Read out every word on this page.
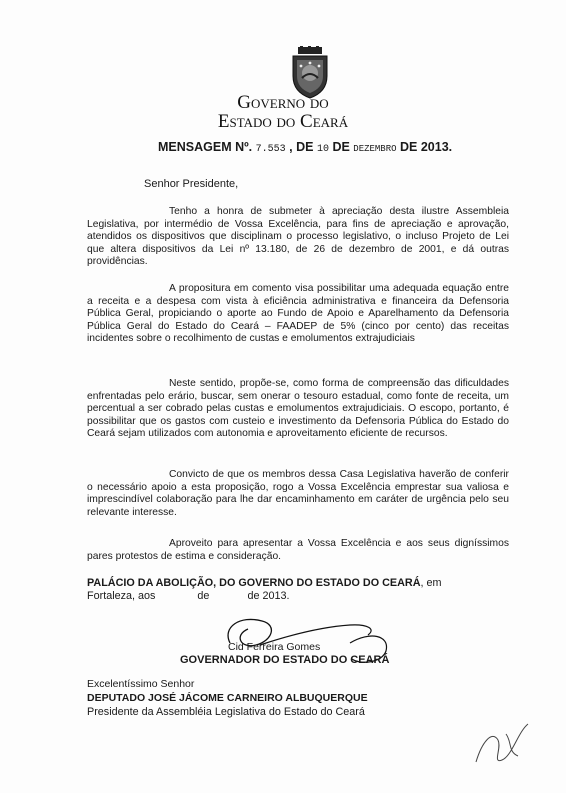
Governo do
Estado do Ceará
MENSAGEM Nº. 7.553 , DE 10 DE DEZEMBRO DE 2013.
Senhor Presidente,
Tenho a honra de submeter à apreciação desta ilustre Assembleia Legislativa, por intermédio de Vossa Excelência, para fins de apreciação e aprovação, atendidos os dispositivos que disciplinam o processo legislativo, o incluso Projeto de Lei que altera dispositivos da Lei nº 13.180, de 26 de dezembro de 2001, e dá outras providências.
A propositura em comento visa possibilitar uma adequada equação entre a receita e a despesa com vista à eficiência administrativa e financeira da Defensoria Pública Geral, propiciando o aporte ao Fundo de Apoio e Aparelhamento da Defensoria Pública Geral do Estado do Ceará – FAADEP de 5% (cinco por cento) das receitas incidentes sobre o recolhimento de custas e emolumentos extrajudiciais
Neste sentido, propõe-se, como forma de compreensão das dificuldades enfrentadas pelo erário, buscar, sem onerar o tesouro estadual, como fonte de receita, um percentual a ser cobrado pelas custas e emolumentos extrajudiciais. O escopo, portanto, é possibilitar que os gastos com custeio e investimento da Defensoria Pública do Estado do Ceará sejam utilizados com autonomia e aproveitamento eficiente de recursos.
Convicto de que os membros dessa Casa Legislativa haverão de conferir o necessário apoio a esta proposição, rogo a Vossa Excelência emprestar sua valiosa e imprescindível colaboração para lhe dar encaminhamento em caráter de urgência pelo seu relevante interesse.
Aproveito para apresentar a Vossa Excelência e aos seus digníssimos pares protestos de estima e consideração.
PALÁCIO DA ABOLIÇÃO, DO GOVERNO DO ESTADO DO CEARÁ, em
Fortaleza, aos	de	de 2013.
Cid Ferreira Gomes
GOVERNADOR DO ESTADO DO CEARÁ
Excelentíssimo Senhor
DEPUTADO JOSÉ JÁCOME CARNEIRO ALBUQUERQUE
Presidente da Assembléia Legislativa do Estado do Ceará
